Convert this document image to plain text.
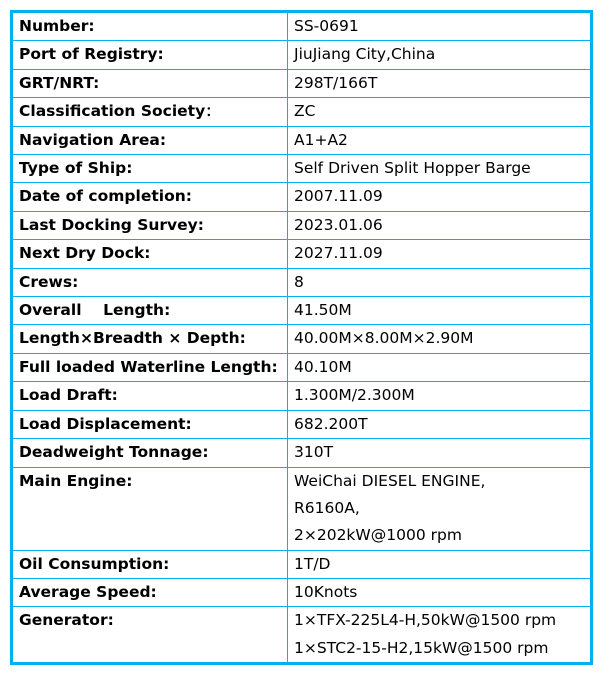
Number:	SS-0691

Port of Registry:	JiuJiang City,China

GRT/NRT:	298T/166T

Classification Society：	ZC

Navigation Area:	A1+A2

Type of Ship:	Self Driven Split Hopper Barge

Date of completion:	2007.11.09

Last Docking Survey:	2023.01.06

Next Dry Dock:	2027.11.09

Crews:	8

Overall    Length:	41.50M

Length×Breadth × Depth:	40.00M×8.00M×2.90M

Full loaded Waterline Length:	40.10M

Load Draft:	1.300M/2.300M

Load Displacement:	682.200T

Deadweight Tonnage:	310T

Main Engine:	WeiChai DIESEL ENGINE,
R6160A,
2×202kW@1000 rpm

Oil Consumption:	1T/D

Average Speed:	10Knots

Generator:	1×TFX-225L4-H,50kW@1500 rpm
1×STC2-15-H2,15kW@1500 rpm
